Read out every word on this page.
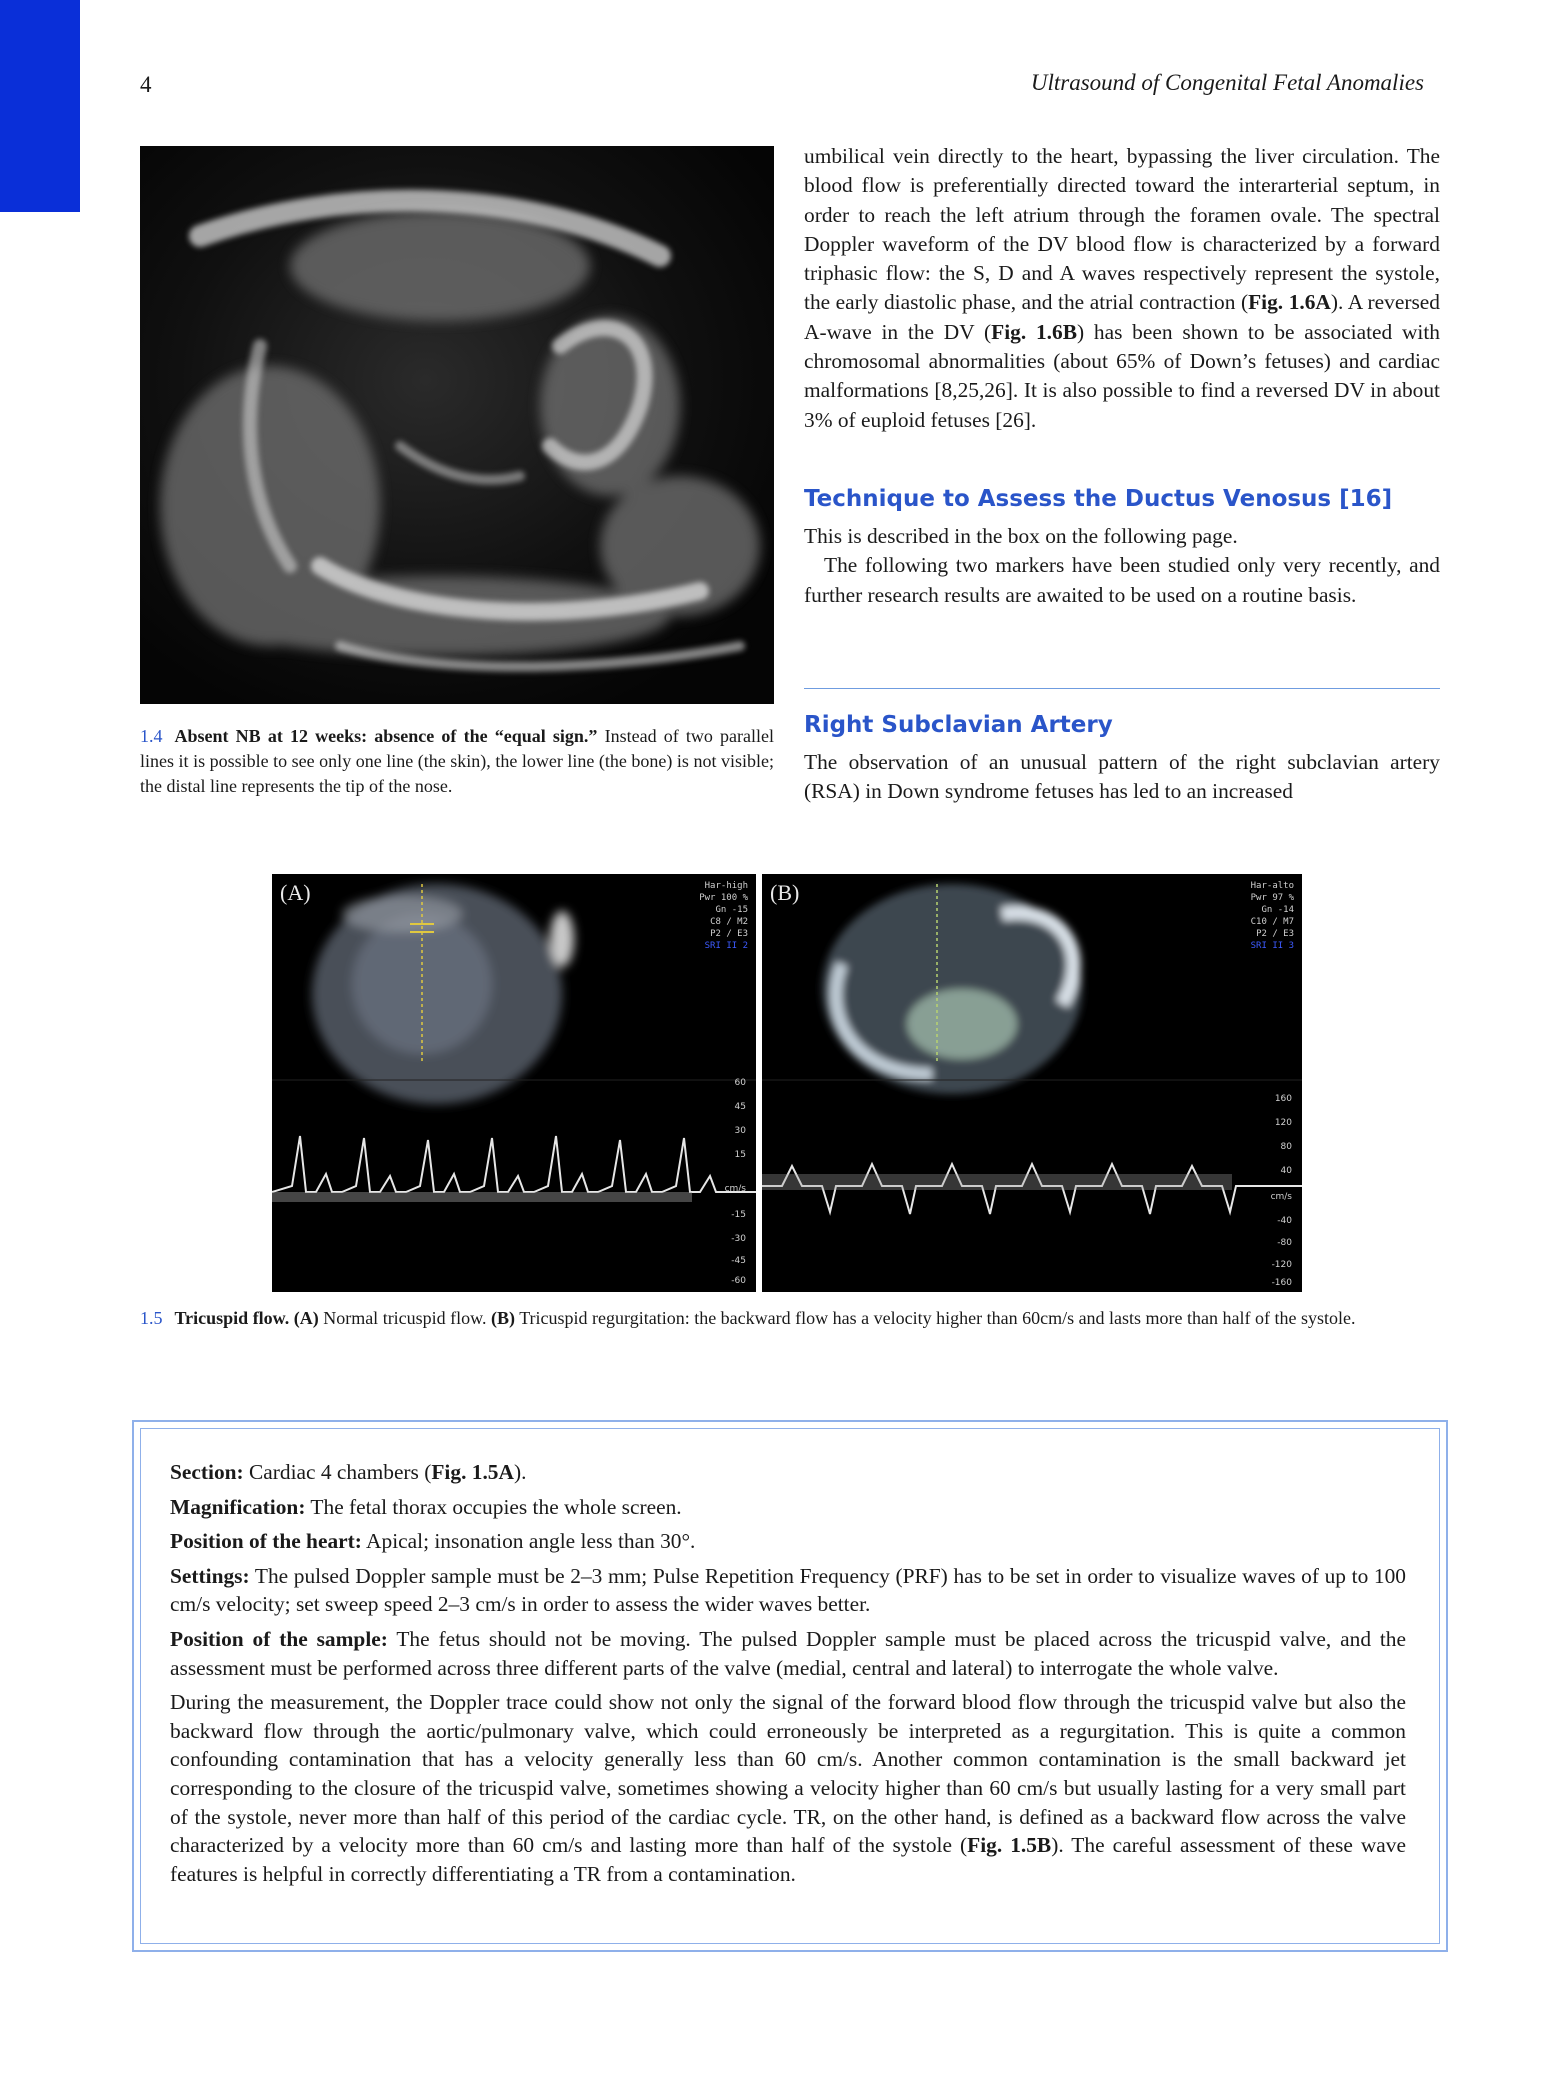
4	Ultrasound of Congenital Fetal Anomalies
1.4 Absent NB at 12 weeks: absence of the “equal sign.” Instead of two parallel lines it is possible to see only one line (the skin), the lower line (the bone) is not visible; the distal line represents the tip of the nose.

umbilical vein directly to the heart, bypassing the liver circulation. The blood flow is preferentially directed toward the interarterial septum, in order to reach the left atrium through the foramen ovale. The spectral Doppler waveform of the DV blood flow is characterized by a forward triphasic flow: the S, D and A waves respectively represent the systole, the early diastolic phase, and the atrial contraction (Fig. 1.6A). A reversed A-wave in the DV (Fig. 1.6B) has been shown to be associated with chromosomal abnormalities (about 65% of Down’s fetuses) and cardiac malformations [8,25,26]. It is also possible to find a reversed DV in about 3% of euploid fetuses [26].

Technique to Assess the Ductus Venosus [16]

This is described in the box on the following page.

The following two markers have been studied only very recently, and further research results are awaited to be used on a routine basis.

Right Subclavian Artery

The observation of an unusual pattern of the right subclavian artery (RSA) in Down syndrome fetuses has led to an increased

(A)	Har-high
Pwr 100 %
Gn -15
C8 / M2
P2 / E3
SRI II 2
60
45
30
15
cm/s
-15
-30
-45
-60
(B)	Har-alto
Pwr 97 %
Gn -14
C10 / M7
P2 / E3
SRI II 3
160
120
80
40
cm/s
-40
-80
-120
-160
1.5 Tricuspid flow. (A) Normal tricuspid flow. (B) Tricuspid regurgitation: the backward flow has a velocity higher than 60cm/s and lasts more than half of the systole.

Section: Cardiac 4 chambers (Fig. 1.5A).

Magnification: The fetal thorax occupies the whole screen.

Position of the heart: Apical; insonation angle less than 30°.

Settings: The pulsed Doppler sample must be 2–3 mm; Pulse Repetition Frequency (PRF) has to be set in order to visualize waves of up to 100 cm/s velocity; set sweep speed 2–3 cm/s in order to assess the wider waves better.

Position of the sample: The fetus should not be moving. The pulsed Doppler sample must be placed across the tricuspid valve, and the assessment must be performed across three different parts of the valve (medial, central and lateral) to interrogate the whole valve.

During the measurement, the Doppler trace could show not only the signal of the forward blood flow through the tricuspid valve but also the backward flow through the aortic/pulmonary valve, which could erroneously be interpreted as a regurgitation. This is quite a common confounding contamination that has a velocity generally less than 60 cm/s. Another common contamination is the small backward jet corresponding to the closure of the tricuspid valve, sometimes showing a velocity higher than 60 cm/s but usually lasting for a very small part of the systole, never more than half of this period of the cardiac cycle. TR, on the other hand, is defined as a backward flow across the valve characterized by a velocity more than 60 cm/s and lasting more than half of the systole (Fig. 1.5B). The careful assessment of these wave features is helpful in correctly differentiating a TR from a contamination.
